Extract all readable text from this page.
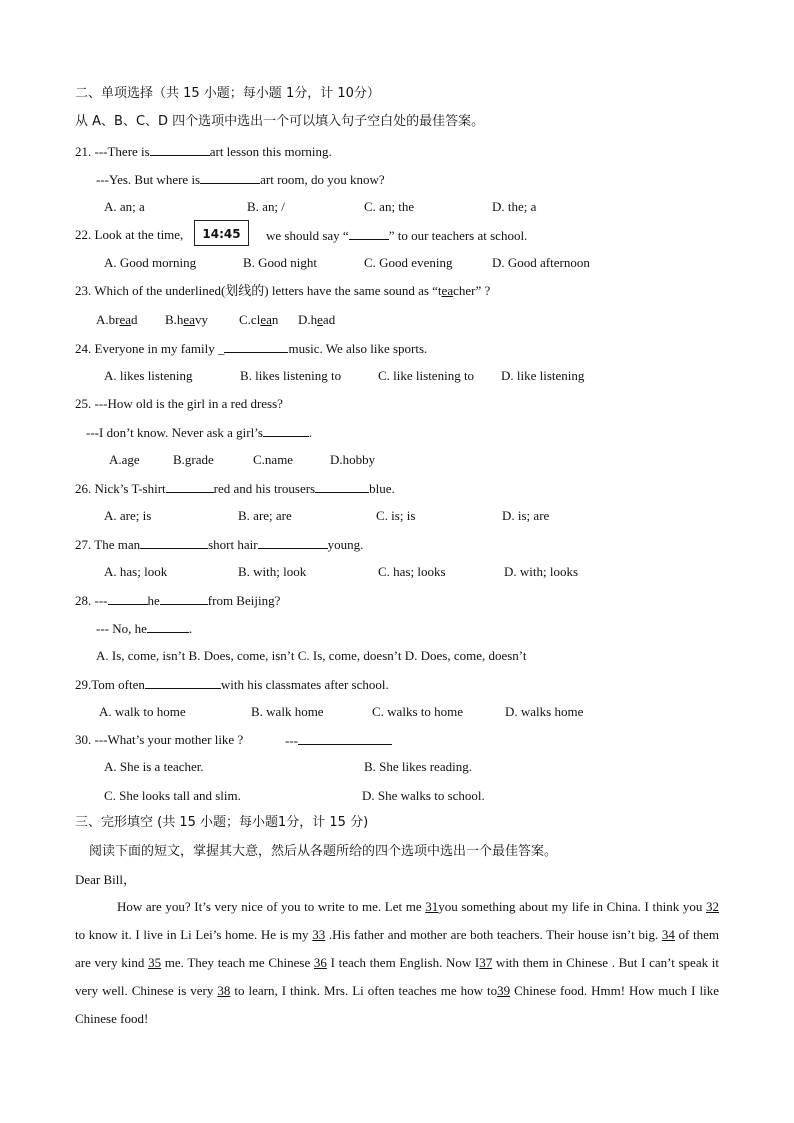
二、单项选择（共 15 小题；每小题 1分，计 10分）
从 A、B、C、D 四个选项中选出一个可以填入句子空白处的最佳答案。
21. ---There is	art lesson this morning.
---Yes. But where is	art room, do you know?
A. an; a	B. an; /	C. an; the	D. the; a
22. Look at the time,	14:45	we should say “	” to our teachers at school.
A. Good morning	B. Good night	C. Good evening	D. Good afternoon
23. Which of the underlined(划线的) letters have the same sound as “teacher” ?
A.bread B.heavy C.clean D.head
24. Everyone in my family _	music. We also like sports.
A. likes listening	B. likes listening to	C. like listening to D. like listening
25. ---How old is the girl in a red dress?
---I don’t know. Never ask a girl’s	.
A.age	B.grade	C.name	D.hobby
26. Nick’s T-shirt	red and his trousers	blue.
A. are; is	B. are; are	C. is; is	D. is; are
27. The man	short hair	young.
A. has; look	B. with; look	C. has; looks	D. with; looks
28. ---	he	from Beijing?
--- No, he	.
A. Is, come, isn’t B. Does, come, isn’t C. Is, come, doesn’t D. Does, come, doesn’t
29.Tom often	with his classmates after school.
A. walk to home	B. walk home	C. walks to home	D. walks home
30. ---What’s your mother like ?	---
A. She is a teacher.	B. She likes reading.
C. She looks tall and slim.	D. She walks to school.
三、完形填空 (共 15 小题；每小题1分，计 15 分)
阅读下面的短文，掌握其大意，然后从各题所给的四个选项中选出一个最佳答案。
Dear Bill，
How are you? It’s very nice of you to write to me. Let me 31you something about my life in China. I think you 32 to know it. I live in Li Lei’s home. He is my 33 .His father and mother are both teachers. Their house isn’t big. 34 of them are very kind 35 me. They teach me Chinese 36 I teach them English. Now I37 with them in Chinese . But I can’t speak it very well. Chinese is very 38 to learn, I think. Mrs. Li often teaches me how to39 Chinese food. Hmm! How much I like Chinese food!
